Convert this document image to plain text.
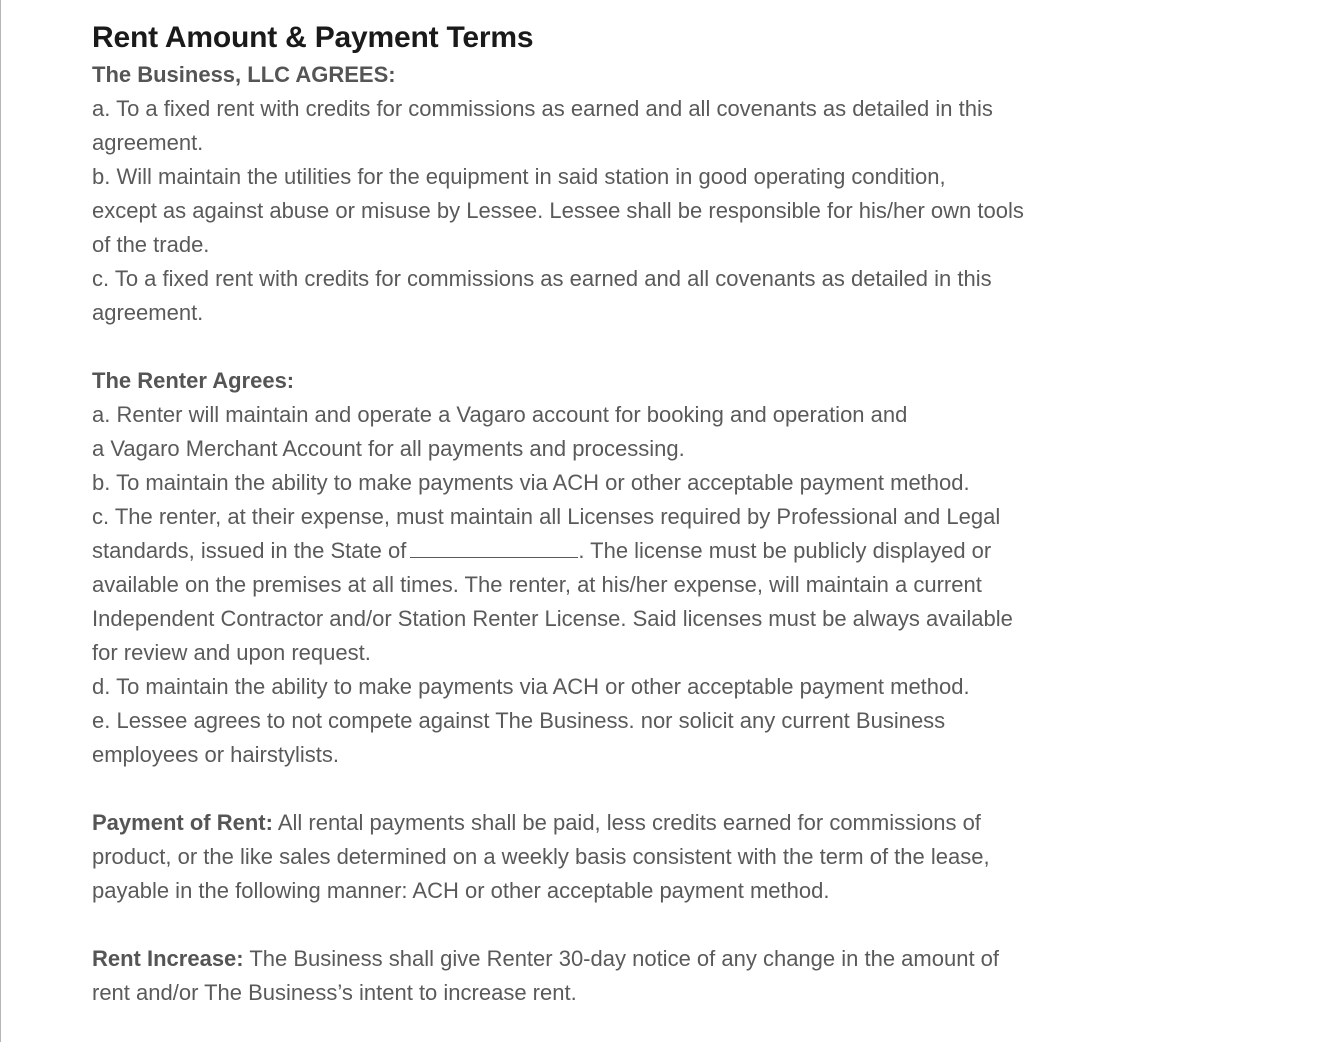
Rent Amount & Payment Terms

The Business, LLC AGREES:

a. To a fixed rent with credits for commissions as earned and all covenants as detailed in this

agreement.

b. Will maintain the utilities for the equipment in said station in good operating condition,

except as against abuse or misuse by Lessee. Lessee shall be responsible for his/her own tools

of the trade.

c. To a fixed rent with credits for commissions as earned and all covenants as detailed in this

agreement.

The Renter Agrees:

a. Renter will maintain and operate a Vagaro account for booking and operation and

a Vagaro Merchant Account for all payments and processing.

b. To maintain the ability to make payments via ACH or other acceptable payment method.

c. The renter, at their expense, must maintain all Licenses required by Professional and Legal

standards, issued in the State of	. The license must be publicly displayed or

available on the premises at all times. The renter, at his/her expense, will maintain a current

Independent Contractor and/or Station Renter License. Said licenses must be always available

for review and upon request.

d. To maintain the ability to make payments via ACH or other acceptable payment method.

e. Lessee agrees to not compete against The Business. nor solicit any current Business

employees or hairstylists.

Payment of Rent: All rental payments shall be paid, less credits earned for commissions of

product, or the like sales determined on a weekly basis consistent with the term of the lease,

payable in the following manner: ACH or other acceptable payment method.

Rent Increase: The Business shall give Renter 30-day notice of any change in the amount of

rent and/or The Business’s intent to increase rent.
